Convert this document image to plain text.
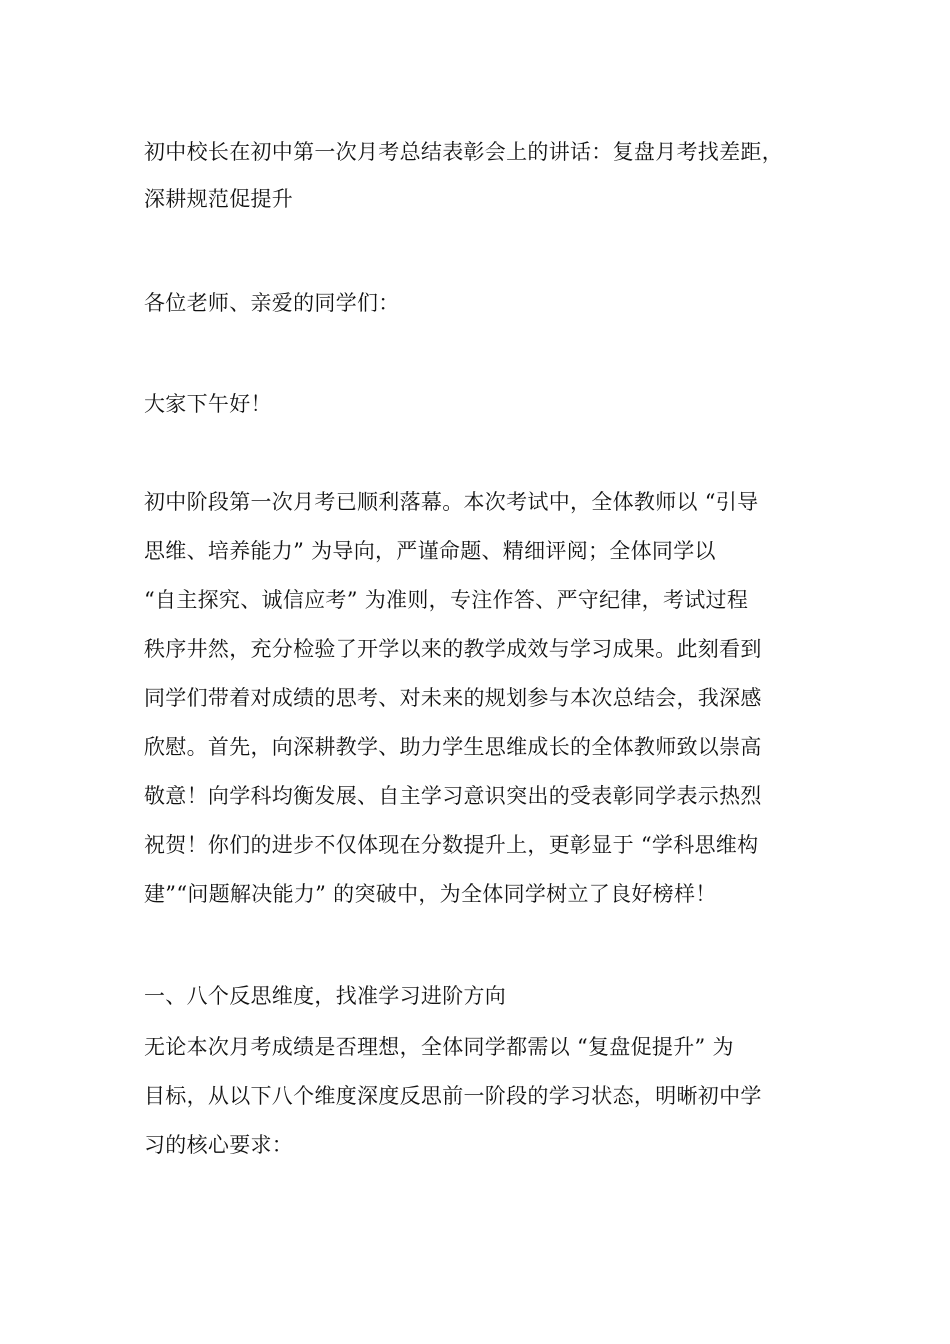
初中校长在初中第一次月考总结表彰会上的讲话：复盘月考找差距，
深耕规范促提升
各位老师、亲爱的同学们：
大家下午好！
初中阶段第一次月考已顺利落幕。本次考试中，全体教师以 “引导
思维、培养能力” 为导向，严谨命题、精细评阅；全体同学以
“自主探究、诚信应考” 为准则，专注作答、严守纪律，考试过程
秩序井然，充分检验了开学以来的教学成效与学习成果。此刻看到
同学们带着对成绩的思考、对未来的规划参与本次总结会，我深感
欣慰。首先，向深耕教学、助力学生思维成长的全体教师致以崇高
敬意！向学科均衡发展、自主学习意识突出的受表彰同学表示热烈
祝贺！你们的进步不仅体现在分数提升上，更彰显于 “学科思维构
建”“问题解决能力” 的突破中，为全体同学树立了良好榜样！
一、八个反思维度，找准学习进阶方向
无论本次月考成绩是否理想，全体同学都需以 “复盘促提升” 为
目标，从以下八个维度深度反思前一阶段的学习状态，明晰初中学
习的核心要求：
